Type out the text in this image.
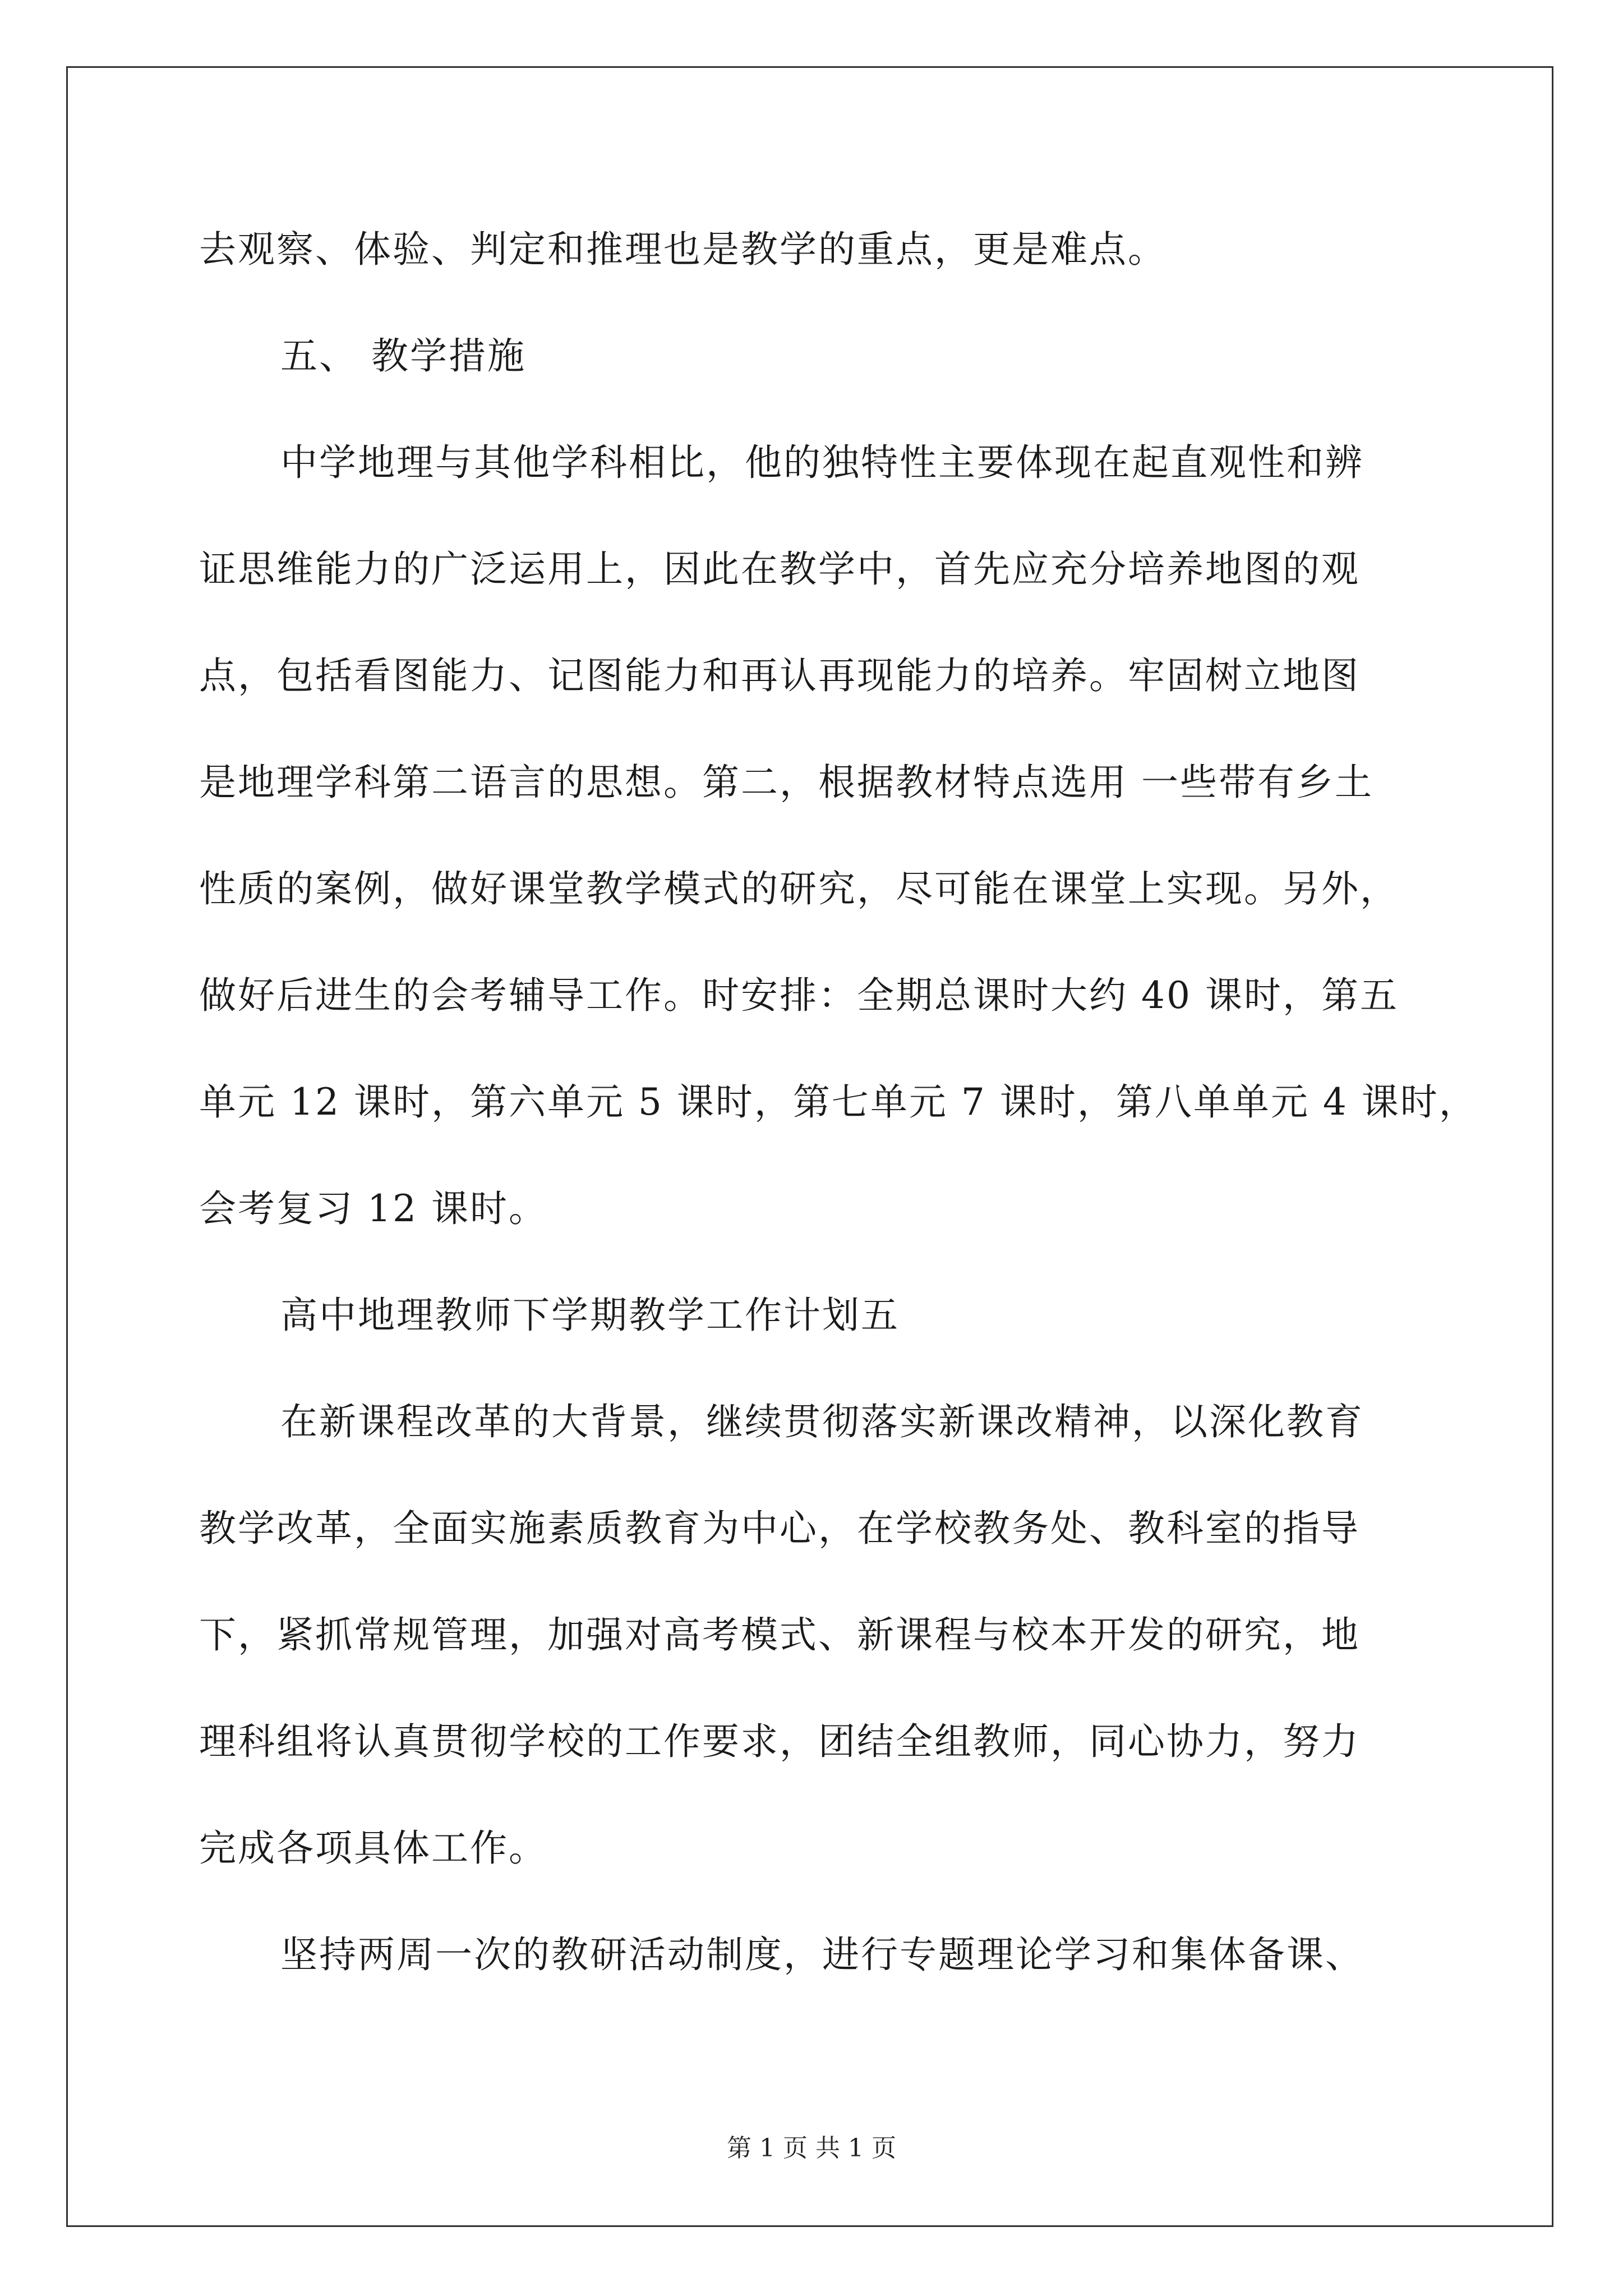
去观察、体验、判定和推理也是教学的重点，更是难点。
五、 教学措施
中学地理与其他学科相比，他的独特性主要体现在起直观性和辨
证思维能力的广泛运用上，因此在教学中，首先应充分培养地图的观
点，包括看图能力、记图能力和再认再现能力的培养。牢固树立地图
是地理学科第二语言的思想。第二，根据教材特点选用 一些带有乡土
性质的案例，做好课堂教学模式的研究，尽可能在课堂上实现。另外，
做好后进生的会考辅导工作。时安排：全期总课时大约 40 课时，第五
单元 12 课时，第六单元 5 课时，第七单元 7 课时，第八单单元 4 课时，
会考复习 12 课时。
高中地理教师下学期教学工作计划五
在新课程改革的大背景，继续贯彻落实新课改精神，以深化教育
教学改革，全面实施素质教育为中心，在学校教务处、教科室的指导
下，紧抓常规管理，加强对高考模式、新课程与校本开发的研究，地
理科组将认真贯彻学校的工作要求，团结全组教师，同心协力，努力
完成各项具体工作。
坚持两周一次的教研活动制度，进行专题理论学习和集体备课、
第 1 页 共 1 页
